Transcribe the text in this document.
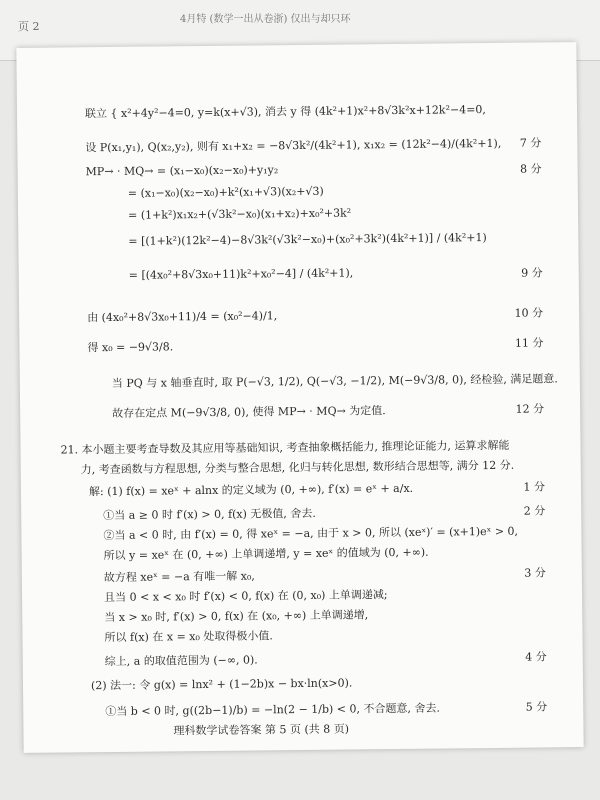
页 2
4月特 (数学一出从卷浙) 仅出与却只环
联立 { x²+4y²−4=0, y=k(x+√3), 消去 y 得 (4k²+1)x²+8√3k²x+12k²−4=0,
设 P(x₁,y₁), Q(x₂,y₂), 则有 x₁+x₂ = −8√3k²/(4k²+1), x₁x₂ = (12k²−4)/(4k²+1), 7 分
MP→ · MQ→ = (x₁−x₀)(x₂−x₀)+y₁y₂	8 分
= (x₁−x₀)(x₂−x₀)+k²(x₁+√3)(x₂+√3)
= (1+k²)x₁x₂+(√3k²−x₀)(x₁+x₂)+x₀²+3k²
= [(1+k²)(12k²−4)−8√3k²(√3k²−x₀)+(x₀²+3k²)(4k²+1)] / (4k²+1)
= [(4x₀²+8√3x₀+11)k²+x₀²−4] / (4k²+1),	9 分
由 (4x₀²+8√3x₀+11)/4 = (x₀²−4)/1,	10 分
得 x₀ = −9√3/8.	11 分
当 PQ 与 x 轴垂直时, 取 P(−√3, 1/2), Q(−√3, −1/2), M(−9√3/8, 0), 经检验, 满足题意.
故存在定点 M(−9√3/8, 0), 使得 MP→ · MQ→ 为定值.	12 分
21. 本小题主要考查导数及其应用等基础知识, 考查抽象概括能力, 推理论证能力, 运算求解能
力, 考查函数与方程思想, 分类与整合思想, 化归与转化思想, 数形结合思想等, 满分 12 分.
解: (1) f(x) = xeˣ + alnx 的定义域为 (0, +∞), f′(x) = eˣ + a/x.	1 分
①当 a ≥ 0 时 f′(x) > 0, f(x) 无极值, 舍去.	2 分
②当 a < 0 时, 由 f′(x) = 0, 得 xeˣ = −a, 由于 x > 0, 所以 (xeˣ)′ = (x+1)eˣ > 0,
所以 y = xeˣ 在 (0, +∞) 上单调递增, y = xeˣ 的值域为 (0, +∞).
故方程 xeˣ = −a 有唯一解 x₀,	3 分
且当 0 < x < x₀ 时 f′(x) < 0, f(x) 在 (0, x₀) 上单调递减;
当 x > x₀ 时, f′(x) > 0, f(x) 在 (x₀, +∞) 上单调递增,
所以 f(x) 在 x = x₀ 处取得极小值.
综上, a 的取值范围为 (−∞, 0).	4 分
(2) 法一: 令 g(x) = lnx² + (1−2b)x − bx·ln(x>0).
①当 b < 0 时, g((2b−1)/b) = −ln(2 − 1/b) < 0, 不合题意, 舍去.	5 分
理科数学试卷答案 第 5 页 (共 8 页)
